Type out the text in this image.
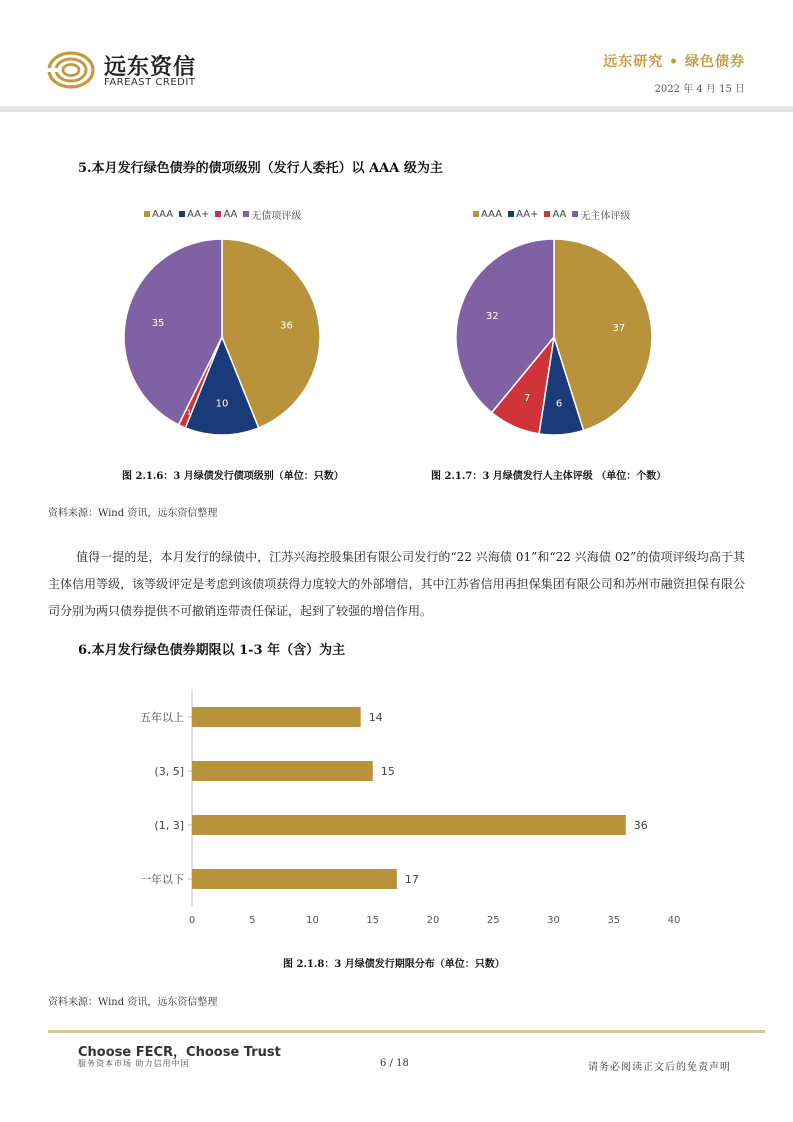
远东资信
FAREAST CREDIT
远东研究 • 绿色债券
2022 年 4 月 15 日
5.本月发行绿色债券的债项级别（发行人委托）以 AAA 级为主
AAA AA+ AA 无债项评级	AAA AA+ AA 无主体评级
36
10
1
35	37
6
7
32
图 2.1.6：3 月绿债发行债项级别（单位：只数）	图 2.1.7：3 月绿债发行人主体评级 （单位：个数）
资料来源：Wind 资讯，远东资信整理
值得一提的是，本月发行的绿债中，江苏兴海控股集团有限公司发行的“22 兴海债 01”和“22 兴海债 02”的债项评级均高于其主体信用等级，该等级评定是考虑到该债项获得力度较大的外部增信，其中江苏省信用再担保集团有限公司和苏州市融资担保有限公司分别为两只债券提供不可撤销连带责任保证，起到了较强的增信作用。
6.本月发行绿色债券期限以 1-3 年（含）为主
五年以上	14
(3, 5]	15
(1, 3]	36
一年以下	17
0	5	10	15	20	25	30	35	40
图 2.1.8：3 月绿债发行期限分布（单位：只数）
资料来源：Wind 资讯，远东资信整理
Choose FECR，Choose Trust
服务资本市场 助力信用中国	6 / 18	请务必阅读正文后的免责声明
